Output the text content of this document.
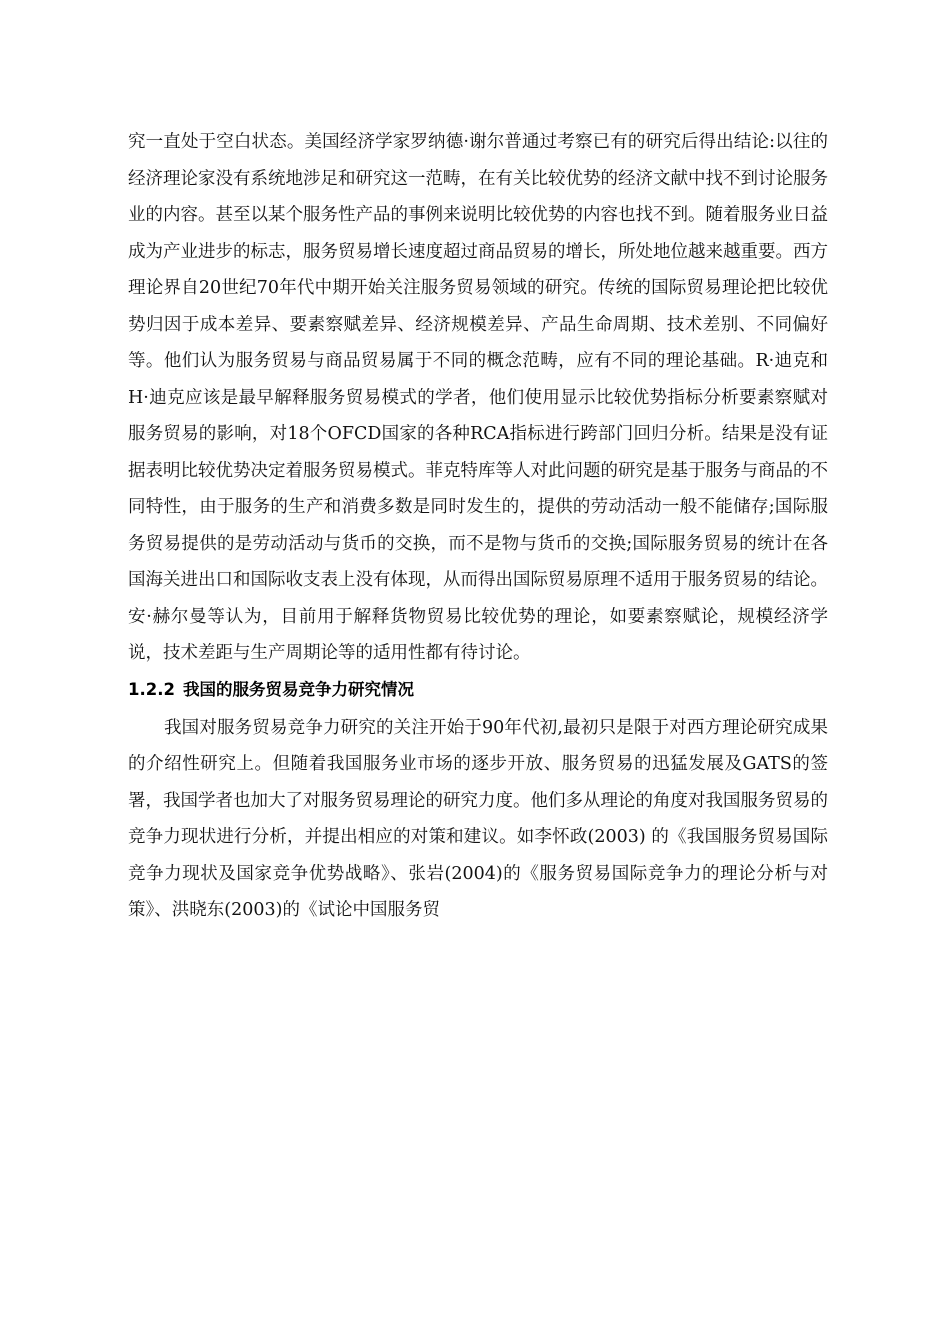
究一直处于空白状态。美国经济学家罗纳德·谢尔普通过考察已有的研究后得出结论:以往的经济理论家没有系统地涉足和研究这一范畴，在有关比较优势的经济文献中找不到讨论服务业的内容。甚至以某个服务性产品的事例来说明比较优势的内容也找不到。随着服务业日益成为产业进步的标志，服务贸易增长速度超过商品贸易的增长，所处地位越来越重要。西方理论界自20世纪70年代中期开始关注服务贸易领域的研究。传统的国际贸易理论把比较优势归因于成本差异、要素察赋差异、经济规模差异、产品生命周期、技术差别、不同偏好等。他们认为服务贸易与商品贸易属于不同的概念范畴，应有不同的理论基础。R·迪克和H·迪克应该是最早解释服务贸易模式的学者，他们使用显示比较优势指标分析要素察赋对服务贸易的影响，对18个OFCD国家的各种RCA指标进行跨部门回归分析。结果是没有证据表明比较优势决定着服务贸易模式。菲克特库等人对此问题的研究是基于服务与商品的不同特性，由于服务的生产和消费多数是同时发生的，提供的劳动活动一般不能储存;国际服务贸易提供的是劳动活动与货币的交换，而不是物与货币的交换;国际服务贸易的统计在各国海关进出口和国际收支表上没有体现，从而得出国际贸易原理不适用于服务贸易的结论。安·赫尔曼等认为，目前用于解释货物贸易比较优势的理论，如要素察赋论，规模经济学说，技术差距与生产周期论等的适用性都有待讨论。

1.2.2 我国的服务贸易竞争力研究情况

我国对服务贸易竞争力研究的关注开始于90年代初,最初只是限于对西方理论研究成果的介绍性研究上。但随着我国服务业市场的逐步开放、服务贸易的迅猛发展及GATS的签署，我国学者也加大了对服务贸易理论的研究力度。他们多从理论的角度对我国服务贸易的竞争力现状进行分析，并提出相应的对策和建议。如李怀政(2003) 的《我国服务贸易国际竞争力现状及国家竞争优势战略》、张岩(2004)的《服务贸易国际竞争力的理论分析与对策》、洪晓东(2003)的《试论中国服务贸
